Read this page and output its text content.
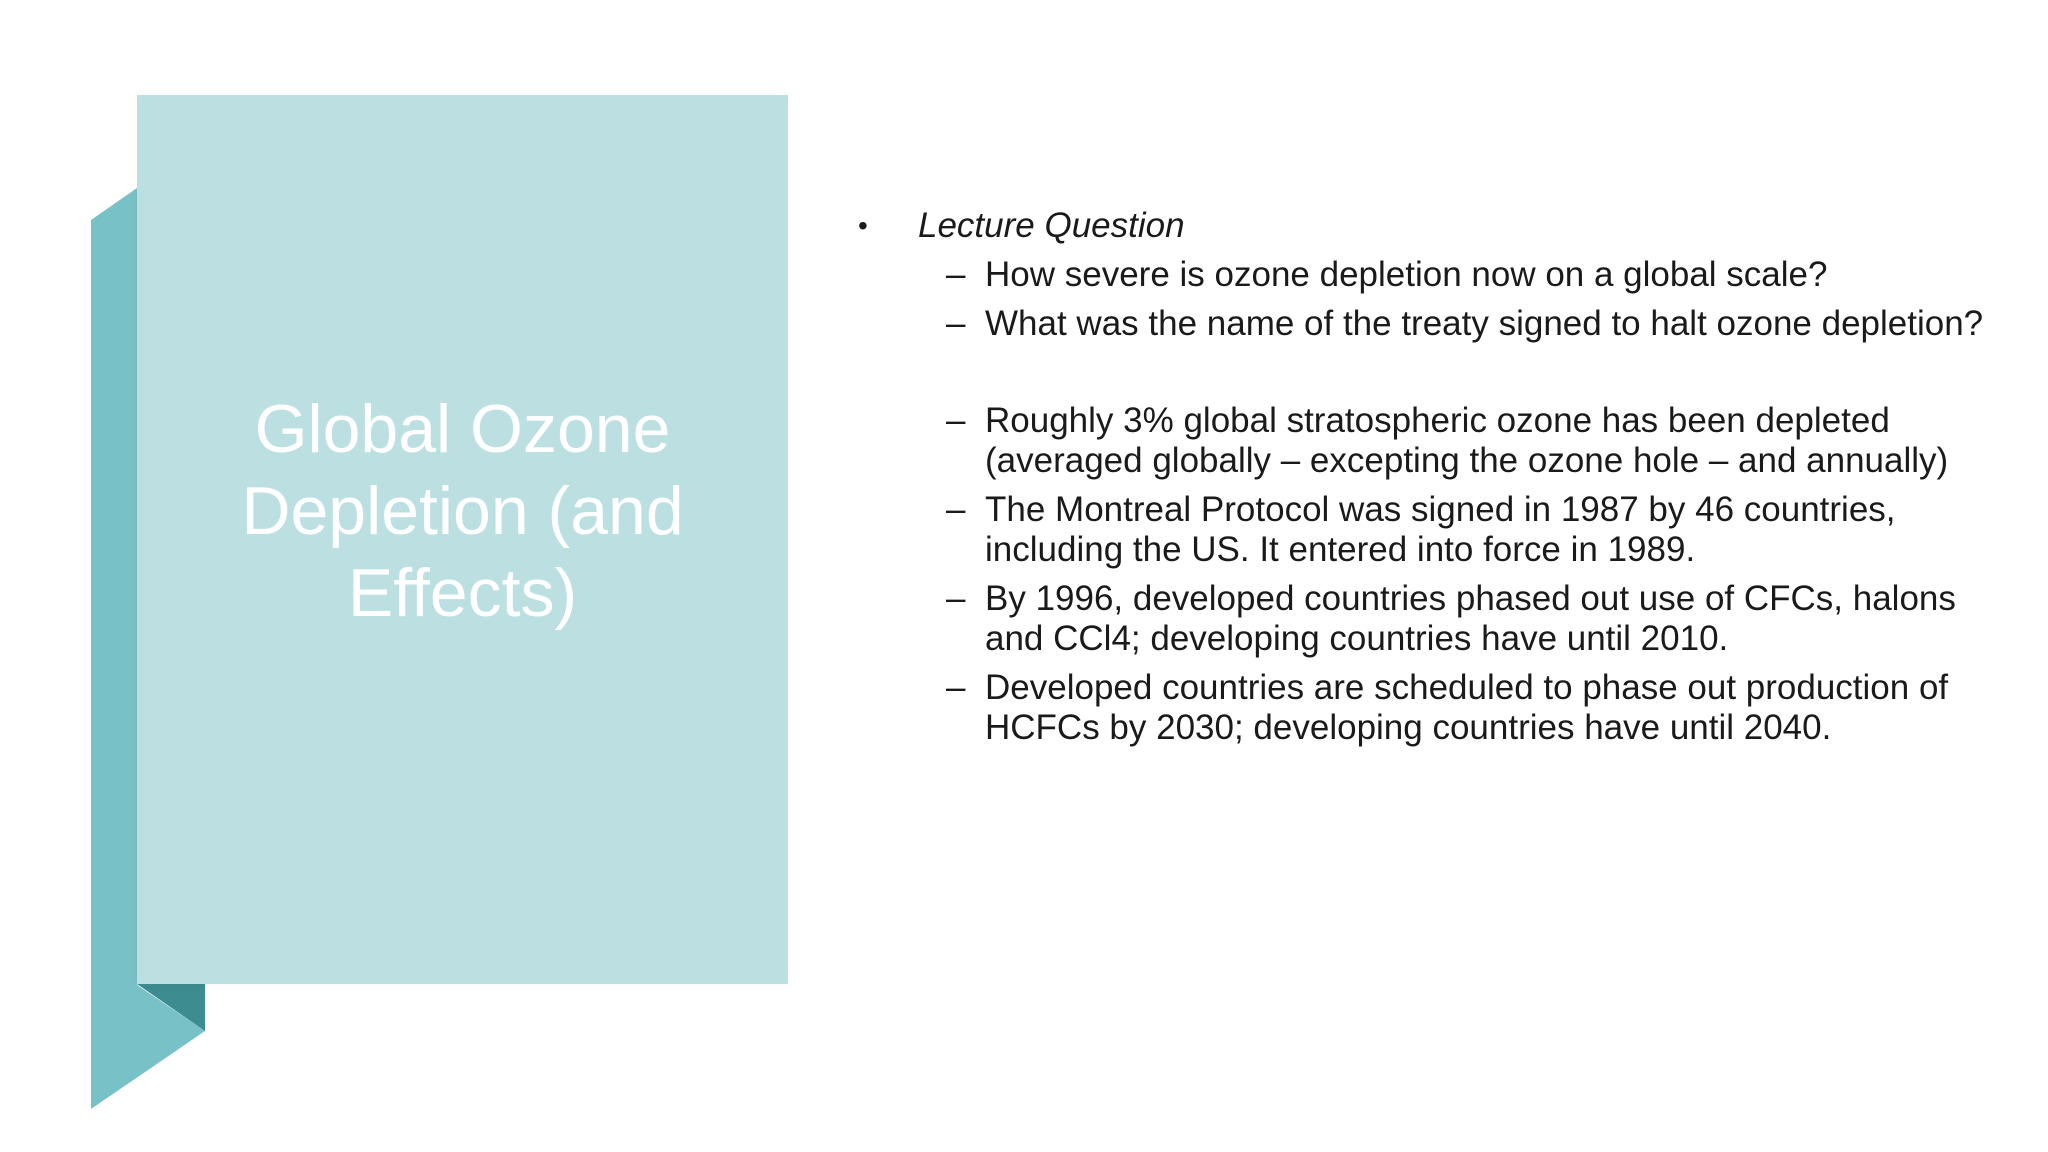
Global Ozone Depletion (and Effects)
•	Lecture Question
– How severe is ozone depletion now on a global scale?
– What was the name of the treaty signed to halt ozone depletion?
– Roughly 3% global stratospheric ozone has been depleted (averaged globally – excepting the ozone hole – and annually)
– The Montreal Protocol was signed in 1987 by 46 countries, including the US. It entered into force in 1989.
– By 1996, developed countries phased out use of CFCs, halons and CCl4; developing countries have until 2010.
– Developed countries are scheduled to phase out production of HCFCs by 2030; developing countries have until 2040.
